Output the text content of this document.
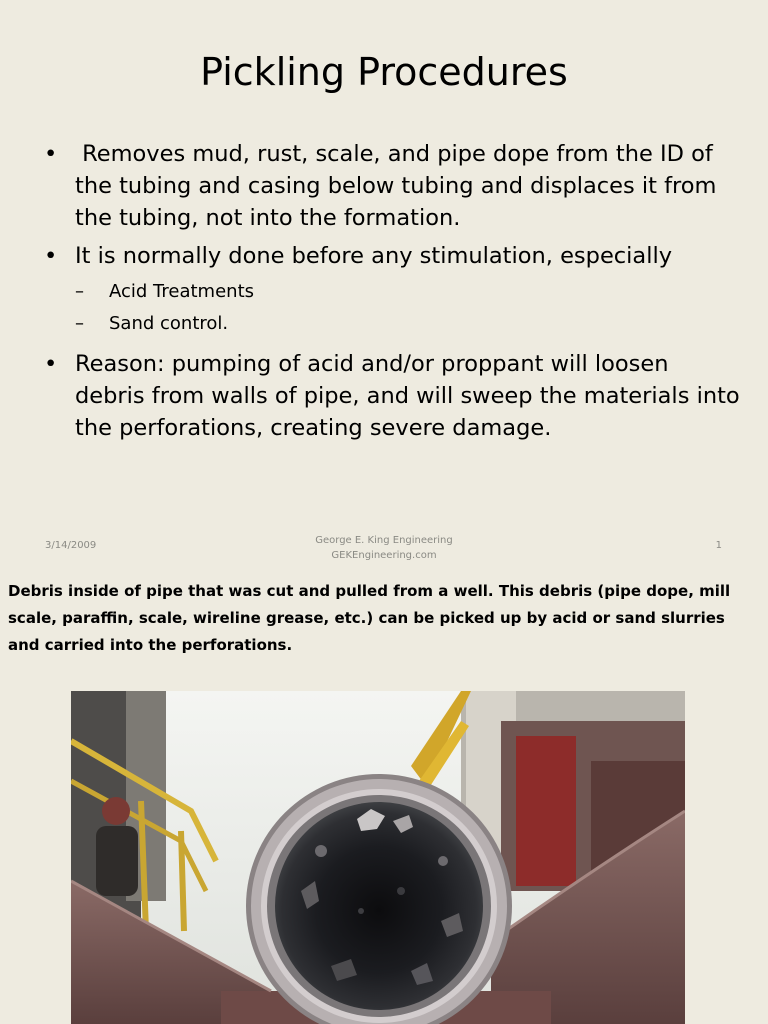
Pickling Procedures
•  Removes mud, rust, scale, and pipe dope from the ID of the tubing and casing below tubing and displaces it from the tubing, not into the formation.
• It is normally done before any stimulation, especially
– Acid Treatments
– Sand control.
• Reason: pumping of acid and/or proppant will loosen debris from walls of pipe, and will sweep the materials into the perforations, creating severe damage.
3/14/2009	George E. King Engineering
GEKEngineering.com
1

Debris inside of pipe that was cut and pulled from a well. This debris (pipe dope, mill scale, paraffin, scale, wireline grease, etc.) can be picked up by acid or sand slurries and carried into the perforations.
